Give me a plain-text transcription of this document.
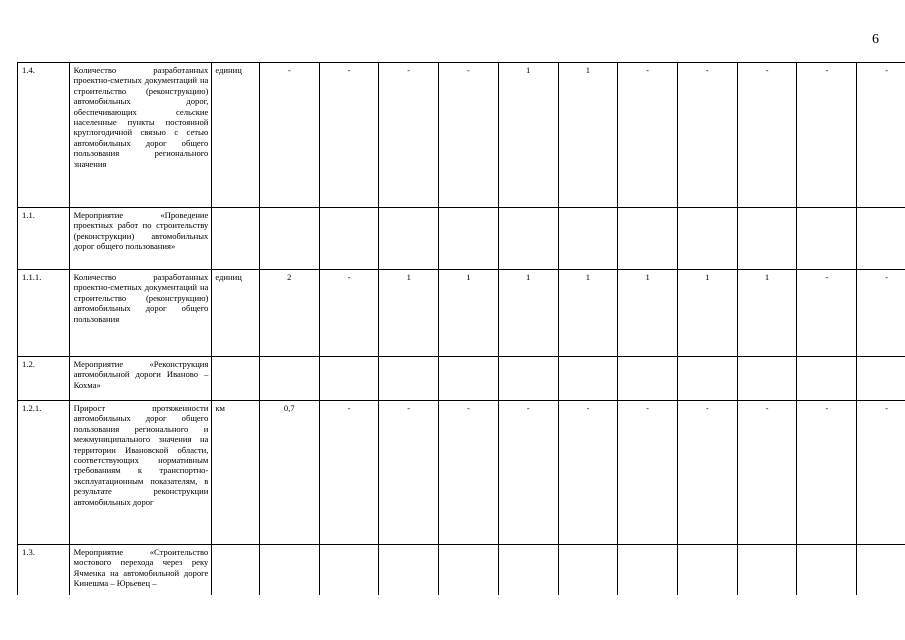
6
1.4.	Количество разработанных проектно-сметных документаций на строительство (реконструкцию) автомобильных дорог, обеспечивающих сельские населенные пункты постоянной круглогодичной связью с сетью автомобильных дорог общего пользования регионального значения	единиц	-	-	-	-	1	1	-	-	-	-	-
1.1.	Мероприятие «Проведение проектных работ по строительству (реконструкции) автомобильных дорог общего пользования»												
1.1.1.	Количество разработанных проектно-сметных документаций на строительство (реконструкцию) автомобильных дорог общего пользования	единиц	2	-	1	1	1	1	1	1	1	-	-
1.2.	Мероприятие «Реконструкция автомобильной дороги Иваново – Кохма»												
1.2.1.	Прирост протяженности автомобильных дорог общего пользования регионального и межмуниципального значения на территории Ивановской области, соответствующих нормативным требованиям к транспортно-эксплуатационным показателям, в результате реконструкции автомобильных дорог	км	0,7	-	-	-	-	-	-	-	-	-	-
1.3.	Мероприятие «Строительство мостового перехода через реку Ячменка на автомобильной дороге Кинешма – Юрьевец –												
